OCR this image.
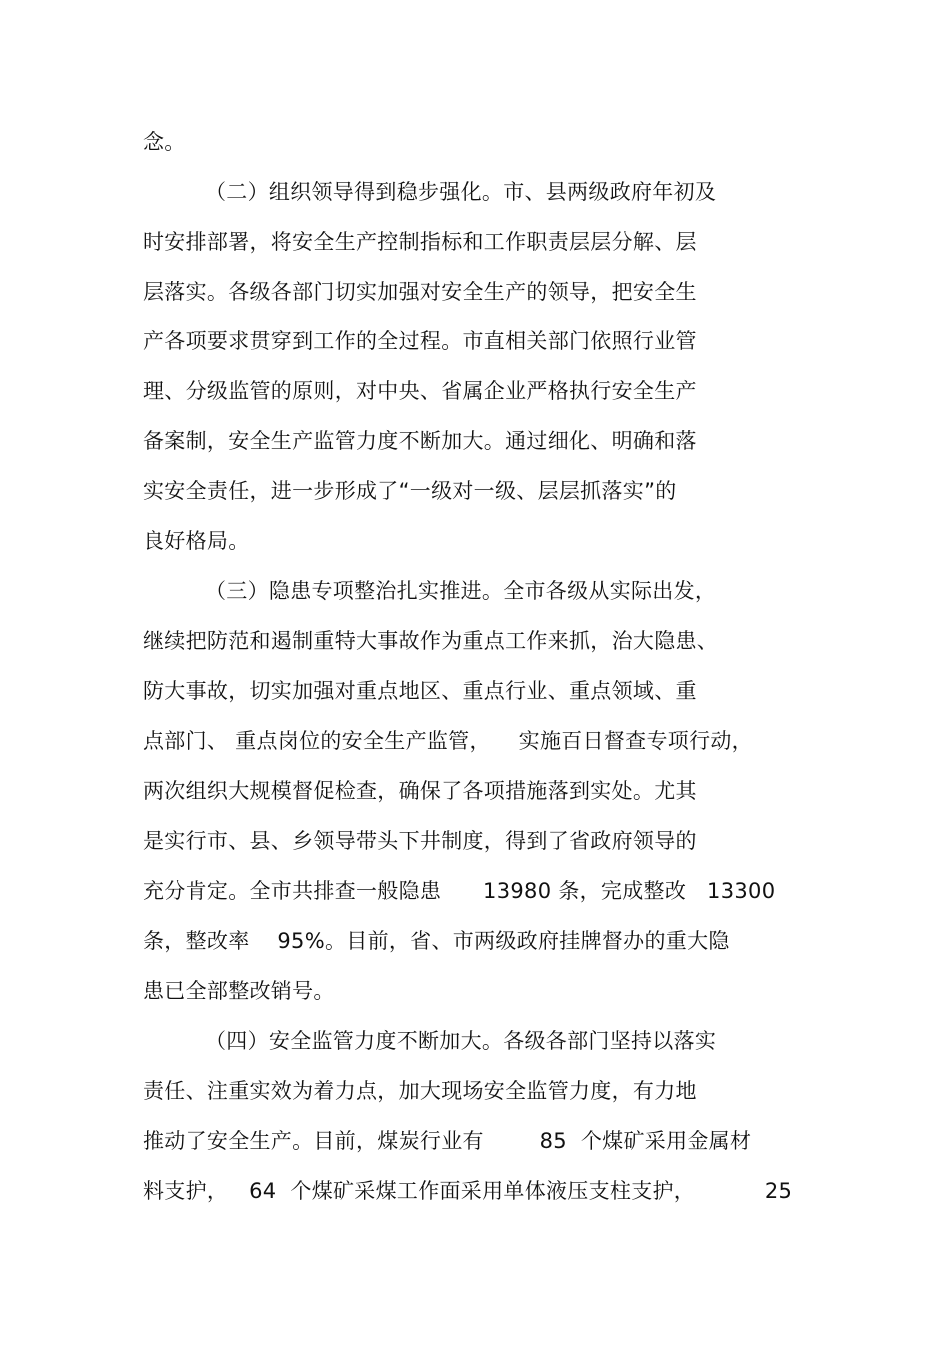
念。
（二）组织领导得到稳步强化。市、县两级政府年初及
时安排部署，将安全生产控制指标和工作职责层层分解、层
层落实。各级各部门切实加强对安全生产的领导，把安全生
产各项要求贯穿到工作的全过程。市直相关部门依照行业管
理、分级监管的原则，对中央、省属企业严格执行安全生产
备案制，安全生产监管力度不断加大。通过细化、明确和落
实安全责任，进一步形成了“一级对一级、层层抓落实”的
良好格局。
（三）隐患专项整治扎实推进。全市各级从实际出发，
继续把防范和遏制重特大事故作为重点工作来抓，治大隐患、
防大事故，切实加强对重点地区、重点行业、重点领域、重
点部门、 重点岗位的安全生产监管，    实施百日督查专项行动，
两次组织大规模督促检查，确保了各项措施落到实处。尤其
是实行市、县、乡领导带头下井制度，得到了省政府领导的
充分肯定。全市共排查一般隐患      13980 条，完成整改   13300
条，整改率    95%。目前，省、市两级政府挂牌督办的重大隐
患已全部整改销号。
（四）安全监管力度不断加大。各级各部门坚持以落实
责任、注重实效为着力点，加大现场安全监管力度，有力地
推动了安全生产。目前，煤炭行业有        85  个煤矿采用金属材
料支护，   64  个煤矿采煤工作面采用单体液压支柱支护，          25
